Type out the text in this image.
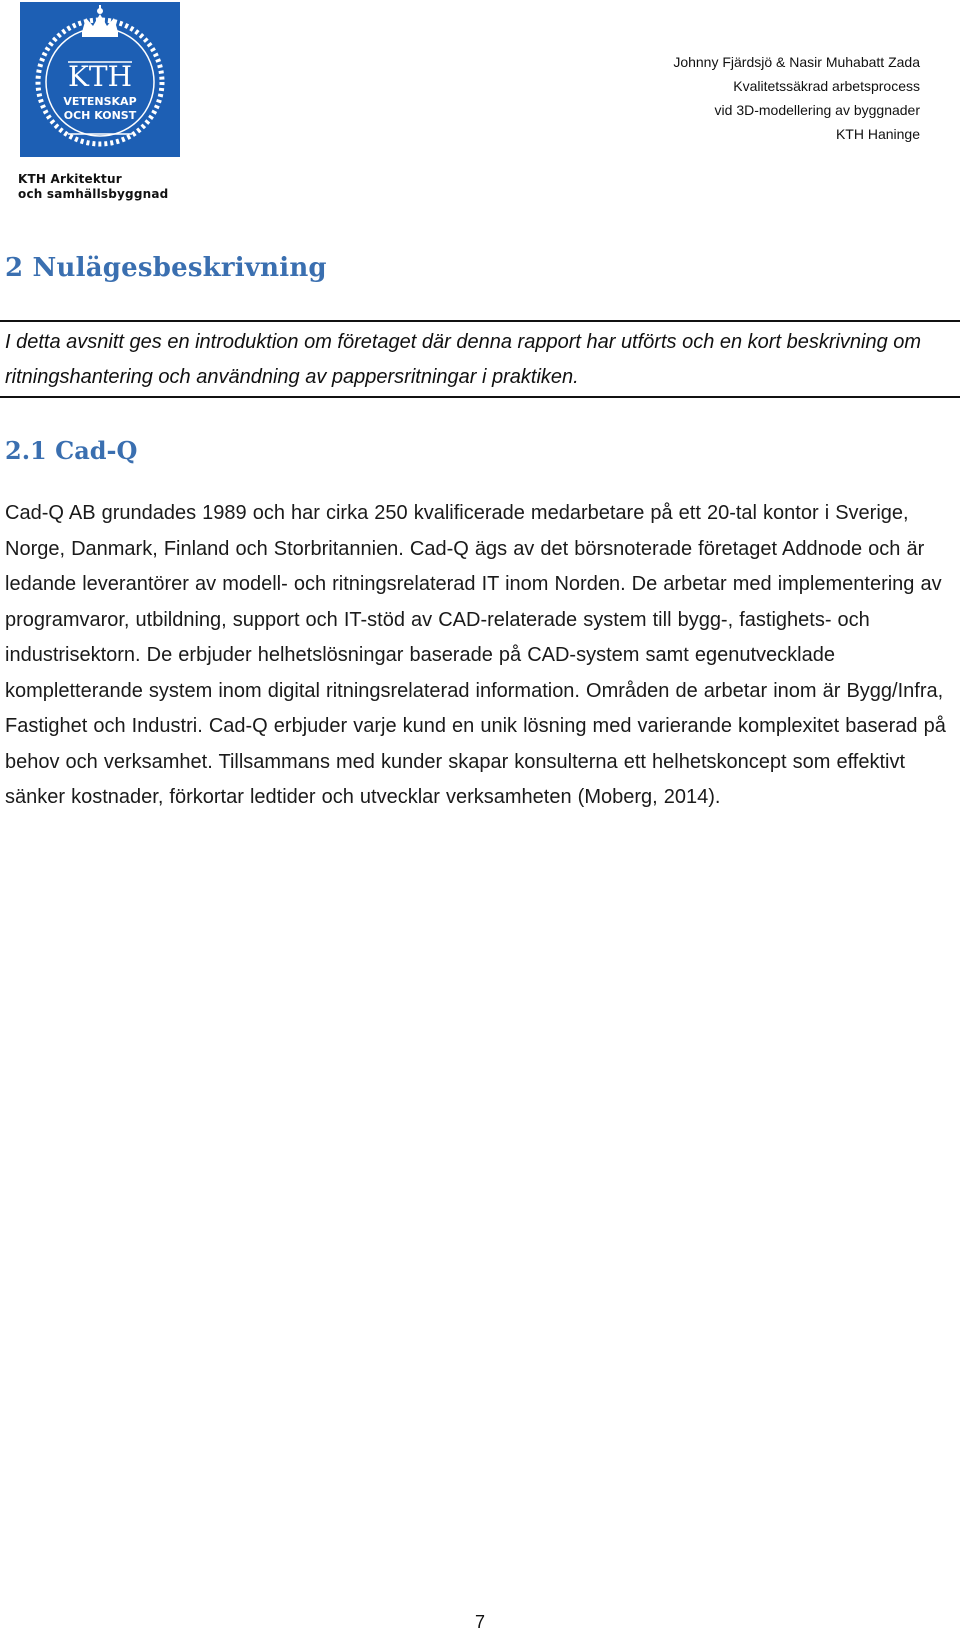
KTH
VETENSKAP
OCH KONST
KTH Arkitektur
och samhällsbyggnad
Johnny Fjärdsjö & Nasir Muhabatt Zada
Kvalitetssäkrad arbetsprocess
vid 3D-modellering av byggnader
KTH Haninge
2 Nulägesbeskrivning

I detta avsnitt ges en introduktion om företaget där denna rapport har utförts och en kort beskrivning om ritningshantering och användning av pappersritningar i praktiken.

2.1 Cad-Q

Cad-Q AB grundades 1989 och har cirka 250 kvalificerade medarbetare på ett 20-tal kontor i Sverige, Norge, Danmark, Finland och Storbritannien. Cad-Q ägs av det börsnoterade företaget Addnode och är ledande leverantörer av modell- och ritningsrelaterad IT inom Norden. De arbetar med implementering av programvaror, utbildning, support och IT-stöd av CAD-relaterade system till bygg-, fastighets- och industrisektorn. De erbjuder helhetslösningar baserade på CAD-system samt egenutvecklade kompletterande system inom digital ritningsrelaterad information. Områden de arbetar inom är Bygg/Infra, Fastighet och Industri. Cad-Q erbjuder varje kund en unik lösning med varierande komplexitet baserad på behov och verksamhet. Tillsammans med kunder skapar konsulterna ett helhetskoncept som effektivt sänker kostnader, förkortar ledtider och utvecklar verksamheten (Moberg, 2014).

7
